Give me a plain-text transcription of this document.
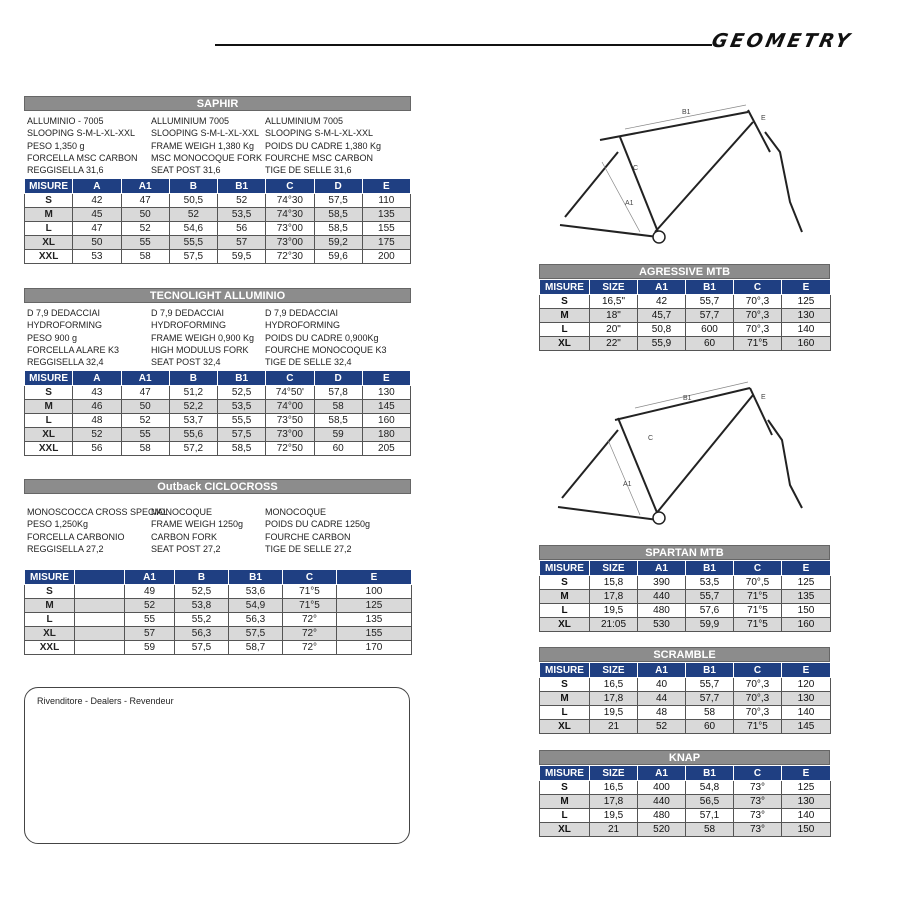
GEOMETRY
SAPHIR
ALLUMINIO - 7005
SLOOPING S-M-L-XL-XXL
PESO 1,350 g
FORCELLA MSC CARBON
REGGISELLA 31,6
ALLUMINIUM 7005
SLOOPING S-M-L-XL-XXL
FRAME WEIGH 1,380 Kg
MSC MONOCOQUE FORK
SEAT POST 31,6
ALLUMINIUM 7005
SLOOPING S-M-L-XL-XXL
POIDS DU CADRE 1,380 Kg
FOURCHE MSC CARBON
TIGE DE SELLE 31,6
MISURE	A	A1	B	B1	C	D	E
S	42	47	50,5	52	74°30	57,5	110
M	45	50	52	53,5	74°30	58,5	135
L	47	52	54,6	56	73°00	58,5	155
XL	50	55	55,5	57	73°00	59,2	175
XXL	53	58	57,5	59,5	72°30	59,6	200
TECNOLIGHT ALLUMINIO
D 7,9 DEDACCIAI
HYDROFORMING
PESO 900 g
FORCELLA ALARE K3
REGGISELLA 32,4
D 7,9 DEDACCIAI
HYDROFORMING
FRAME WEIGH 0,900 Kg
HIGH MODULUS FORK
SEAT POST 32,4
D 7,9 DEDACCIAI
HYDROFORMING
POIDS DU CADRE 0,900Kg
FOURCHE MONOCOQUE K3
TIGE DE SELLE 32,4
MISURE	A	A1	B	B1	C	D	E
S	43	47	51,2	52,5	74°50'	57,8	130
M	46	50	52,2	53,5	74°00	58	145
L	48	52	53,7	55,5	73°50	58,5	160
XL	52	55	55,6	57,5	73°00	59	180
XXL	56	58	57,2	58,5	72°50	60	205
Outback CICLOCROSS
MONOSCOCCA CROSS SPECIAL
PESO 1,250Kg
FORCELLA CARBONIO
REGGISELLA 27,2
MONOCOQUE
FRAME WEIGH 1250g
CARBON FORK
SEAT POST 27,2
MONOCOQUE
POIDS DU CADRE 1250g
FOURCHE CARBON
TIGE DE SELLE 27,2
MISURE		A1	B	B1	C	E
S		49	52,5	53,6	71°5	100
M		52	53,8	54,9	71°5	125
L		55	55,2	56,3	72°	135
XL		57	56,3	57,5	72°	155
XXL		59	57,5	58,7	72°	170
Rivenditore - Dealers - Revendeur
B1
E
C
A1
B1	E
C
A1
AGRESSIVE MTB
MISURE	SIZE	A1	B1	C	E
S	16,5"	42	55,7	70°,3	125
M	18"	45,7	57,7	70°,3	130
L	20"	50,8	600	70°,3	140
XL	22"	55,9	60	71°5	160
SPARTAN MTB
MISURE	SIZE	A1	B1	C	E
S	15,8	390	53,5	70°,5	125
M	17,8	440	55,7	71°5	135
L	19,5	480	57,6	71°5	150
XL	21:05	530	59,9	71°5	160
SCRAMBLE
MISURE	SIZE	A1	B1	C	E
S	16,5	40	55,7	70°,3	120
M	17,8	44	57,7	70°,3	130
L	19,5	48	58	70°,3	140
XL	21	52	60	71°5	145
KNAP
MISURE	SIZE	A1	B1	C	E
S	16,5	400	54,8	73°	125
M	17,8	440	56,5	73°	130
L	19,5	480	57,1	73°	140
XL	21	520	58	73°	150
